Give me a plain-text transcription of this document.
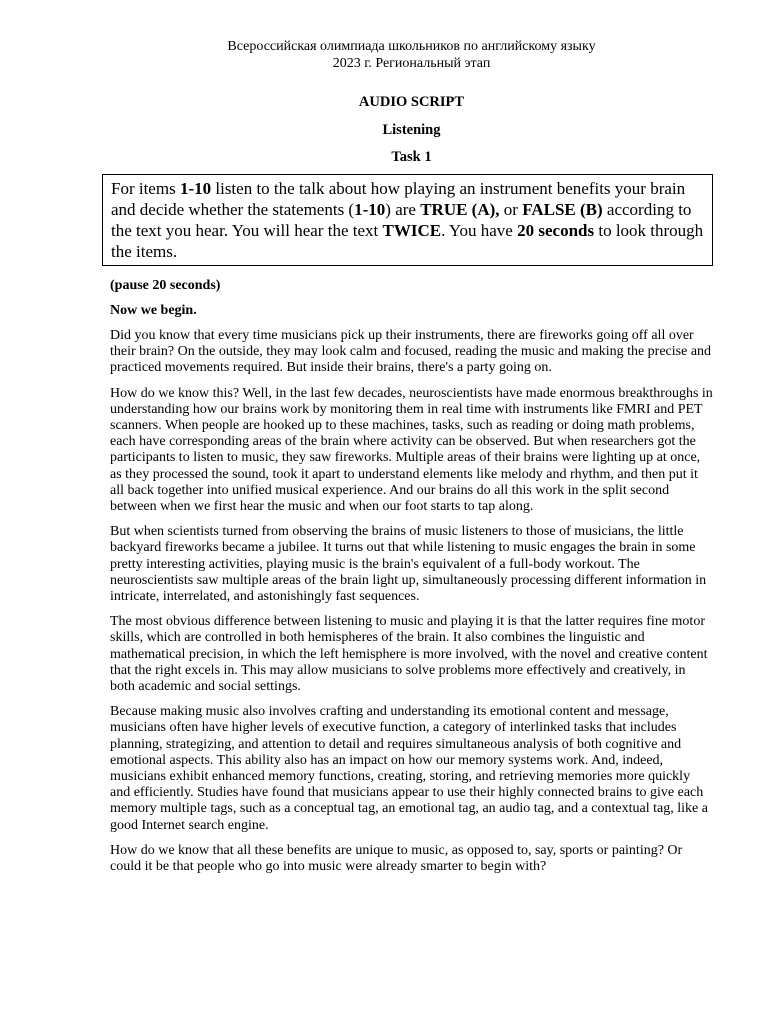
Всероссийская олимпиада школьников по английскому языку

2023 г. Региональный этап

AUDIO SCRIPT

Listening

Task 1

For items 1-10 listen to the talk about how playing an instrument benefits your brain and decide whether the statements (1-10) are TRUE (A), or FALSE (B) according to the text you hear. You will hear the text TWICE. You have 20 seconds to look through the items.

(pause 20 seconds)

Now we begin.

Did you know that every time musicians pick up their instruments, there are fireworks going off all over their brain? On the outside, they may look calm and focused, reading the music and making the precise and practiced movements required. But inside their brains, there's a party going on.

How do we know this? Well, in the last few decades, neuroscientists have made enormous breakthroughs in understanding how our brains work by monitoring them in real time with instruments like FMRI and PET scanners. When people are hooked up to these machines, tasks, such as reading or doing math problems, each have corresponding areas of the brain where activity can be observed. But when researchers got the participants to listen to music, they saw fireworks. Multiple areas of their brains were lighting up at once, as they processed the sound, took it apart to understand elements like melody and rhythm, and then put it all back together into unified musical experience. And our brains do all this work in the split second between when we first hear the music and when our foot starts to tap along.

But when scientists turned from observing the brains of music listeners to those of musicians, the little backyard fireworks became a jubilee. It turns out that while listening to music engages the brain in some pretty interesting activities, playing music is the brain's equivalent of a full-body workout. The neuroscientists saw multiple areas of the brain light up, simultaneously processing different information in intricate, interrelated, and astonishingly fast sequences.

The most obvious difference between listening to music and playing it is that the latter requires fine motor skills, which are controlled in both hemispheres of the brain. It also combines the linguistic and mathematical precision, in which the left hemisphere is more involved, with the novel and creative content that the right excels in. This may allow musicians to solve problems more effectively and creatively, in both academic and social settings.

Because making music also involves crafting and understanding its emotional content and message, musicians often have higher levels of executive function, a category of interlinked tasks that includes planning, strategizing, and attention to detail and requires simultaneous analysis of both cognitive and emotional aspects. This ability also has an impact on how our memory systems work. And, indeed, musicians exhibit enhanced memory functions, creating, storing, and retrieving memories more quickly and efficiently. Studies have found that musicians appear to use their highly connected brains to give each memory multiple tags, such as a conceptual tag, an emotional tag, an audio tag, and a contextual tag, like a good Internet search engine.

How do we know that all these benefits are unique to music, as opposed to, say, sports or painting? Or could it be that people who go into music were already smarter to begin with?
